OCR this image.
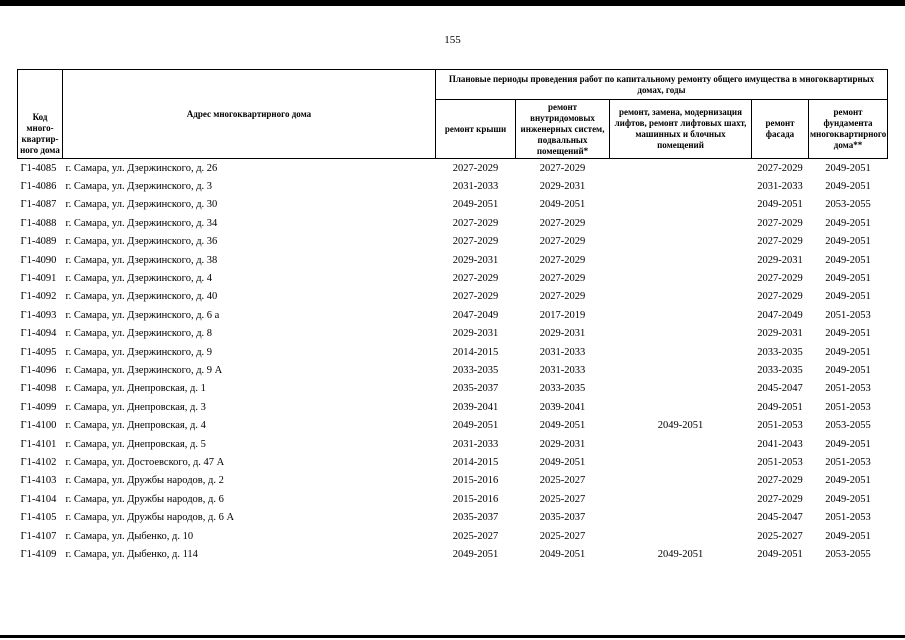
155
Код много-квартир-ного дома	Адрес многоквартирного дома	Плановые периоды проведения работ по капитальному ремонту общего имущества в многоквартирных домах, годы				
		ремонт крыши	ремонт внутридомовых инженерных систем, подвальных помещений*	ремонт, замена, модернизация лифтов, ремонт лифтовых шахт, машинных и блочных помещений	ремонт фасада	ремонт фундамента многоквартирного дома**
Г1-4085	г. Самара, ул. Дзержинского, д. 26	2027-2029	2027-2029		2027-2029	2049-2051
Г1-4086	г. Самара, ул. Дзержинского, д. 3	2031-2033	2029-2031		2031-2033	2049-2051
Г1-4087	г. Самара, ул. Дзержинского, д. 30	2049-2051	2049-2051		2049-2051	2053-2055
Г1-4088	г. Самара, ул. Дзержинского, д. 34	2027-2029	2027-2029		2027-2029	2049-2051
Г1-4089	г. Самара, ул. Дзержинского, д. 36	2027-2029	2027-2029		2027-2029	2049-2051
Г1-4090	г. Самара, ул. Дзержинского, д. 38	2029-2031	2027-2029		2029-2031	2049-2051
Г1-4091	г. Самара, ул. Дзержинского, д. 4	2027-2029	2027-2029		2027-2029	2049-2051
Г1-4092	г. Самара, ул. Дзержинского, д. 40	2027-2029	2027-2029		2027-2029	2049-2051
Г1-4093	г. Самара, ул. Дзержинского, д. 6 а	2047-2049	2017-2019		2047-2049	2051-2053
Г1-4094	г. Самара, ул. Дзержинского, д. 8	2029-2031	2029-2031		2029-2031	2049-2051
Г1-4095	г. Самара, ул. Дзержинского, д. 9	2014-2015	2031-2033		2033-2035	2049-2051
Г1-4096	г. Самара, ул. Дзержинского, д. 9 А	2033-2035	2031-2033		2033-2035	2049-2051
Г1-4098	г. Самара, ул. Днепровская, д. 1	2035-2037	2033-2035		2045-2047	2051-2053
Г1-4099	г. Самара, ул. Днепровская, д. 3	2039-2041	2039-2041		2049-2051	2051-2053
Г1-4100	г. Самара, ул. Днепровская, д. 4	2049-2051	2049-2051	2049-2051	2051-2053	2053-2055
Г1-4101	г. Самара, ул. Днепровская, д. 5	2031-2033	2029-2031		2041-2043	2049-2051
Г1-4102	г. Самара, ул. Достоевского, д. 47 А	2014-2015	2049-2051		2051-2053	2051-2053
Г1-4103	г. Самара, ул. Дружбы народов, д. 2	2015-2016	2025-2027		2027-2029	2049-2051
Г1-4104	г. Самара, ул. Дружбы народов, д. 6	2015-2016	2025-2027		2027-2029	2049-2051
Г1-4105	г. Самара, ул. Дружбы народов, д. 6 А	2035-2037	2035-2037		2045-2047	2051-2053
Г1-4107	г. Самара, ул. Дыбенко, д. 10	2025-2027	2025-2027		2025-2027	2049-2051
Г1-4109	г. Самара, ул. Дыбенко, д. 114	2049-2051	2049-2051	2049-2051	2049-2051	2053-2055
